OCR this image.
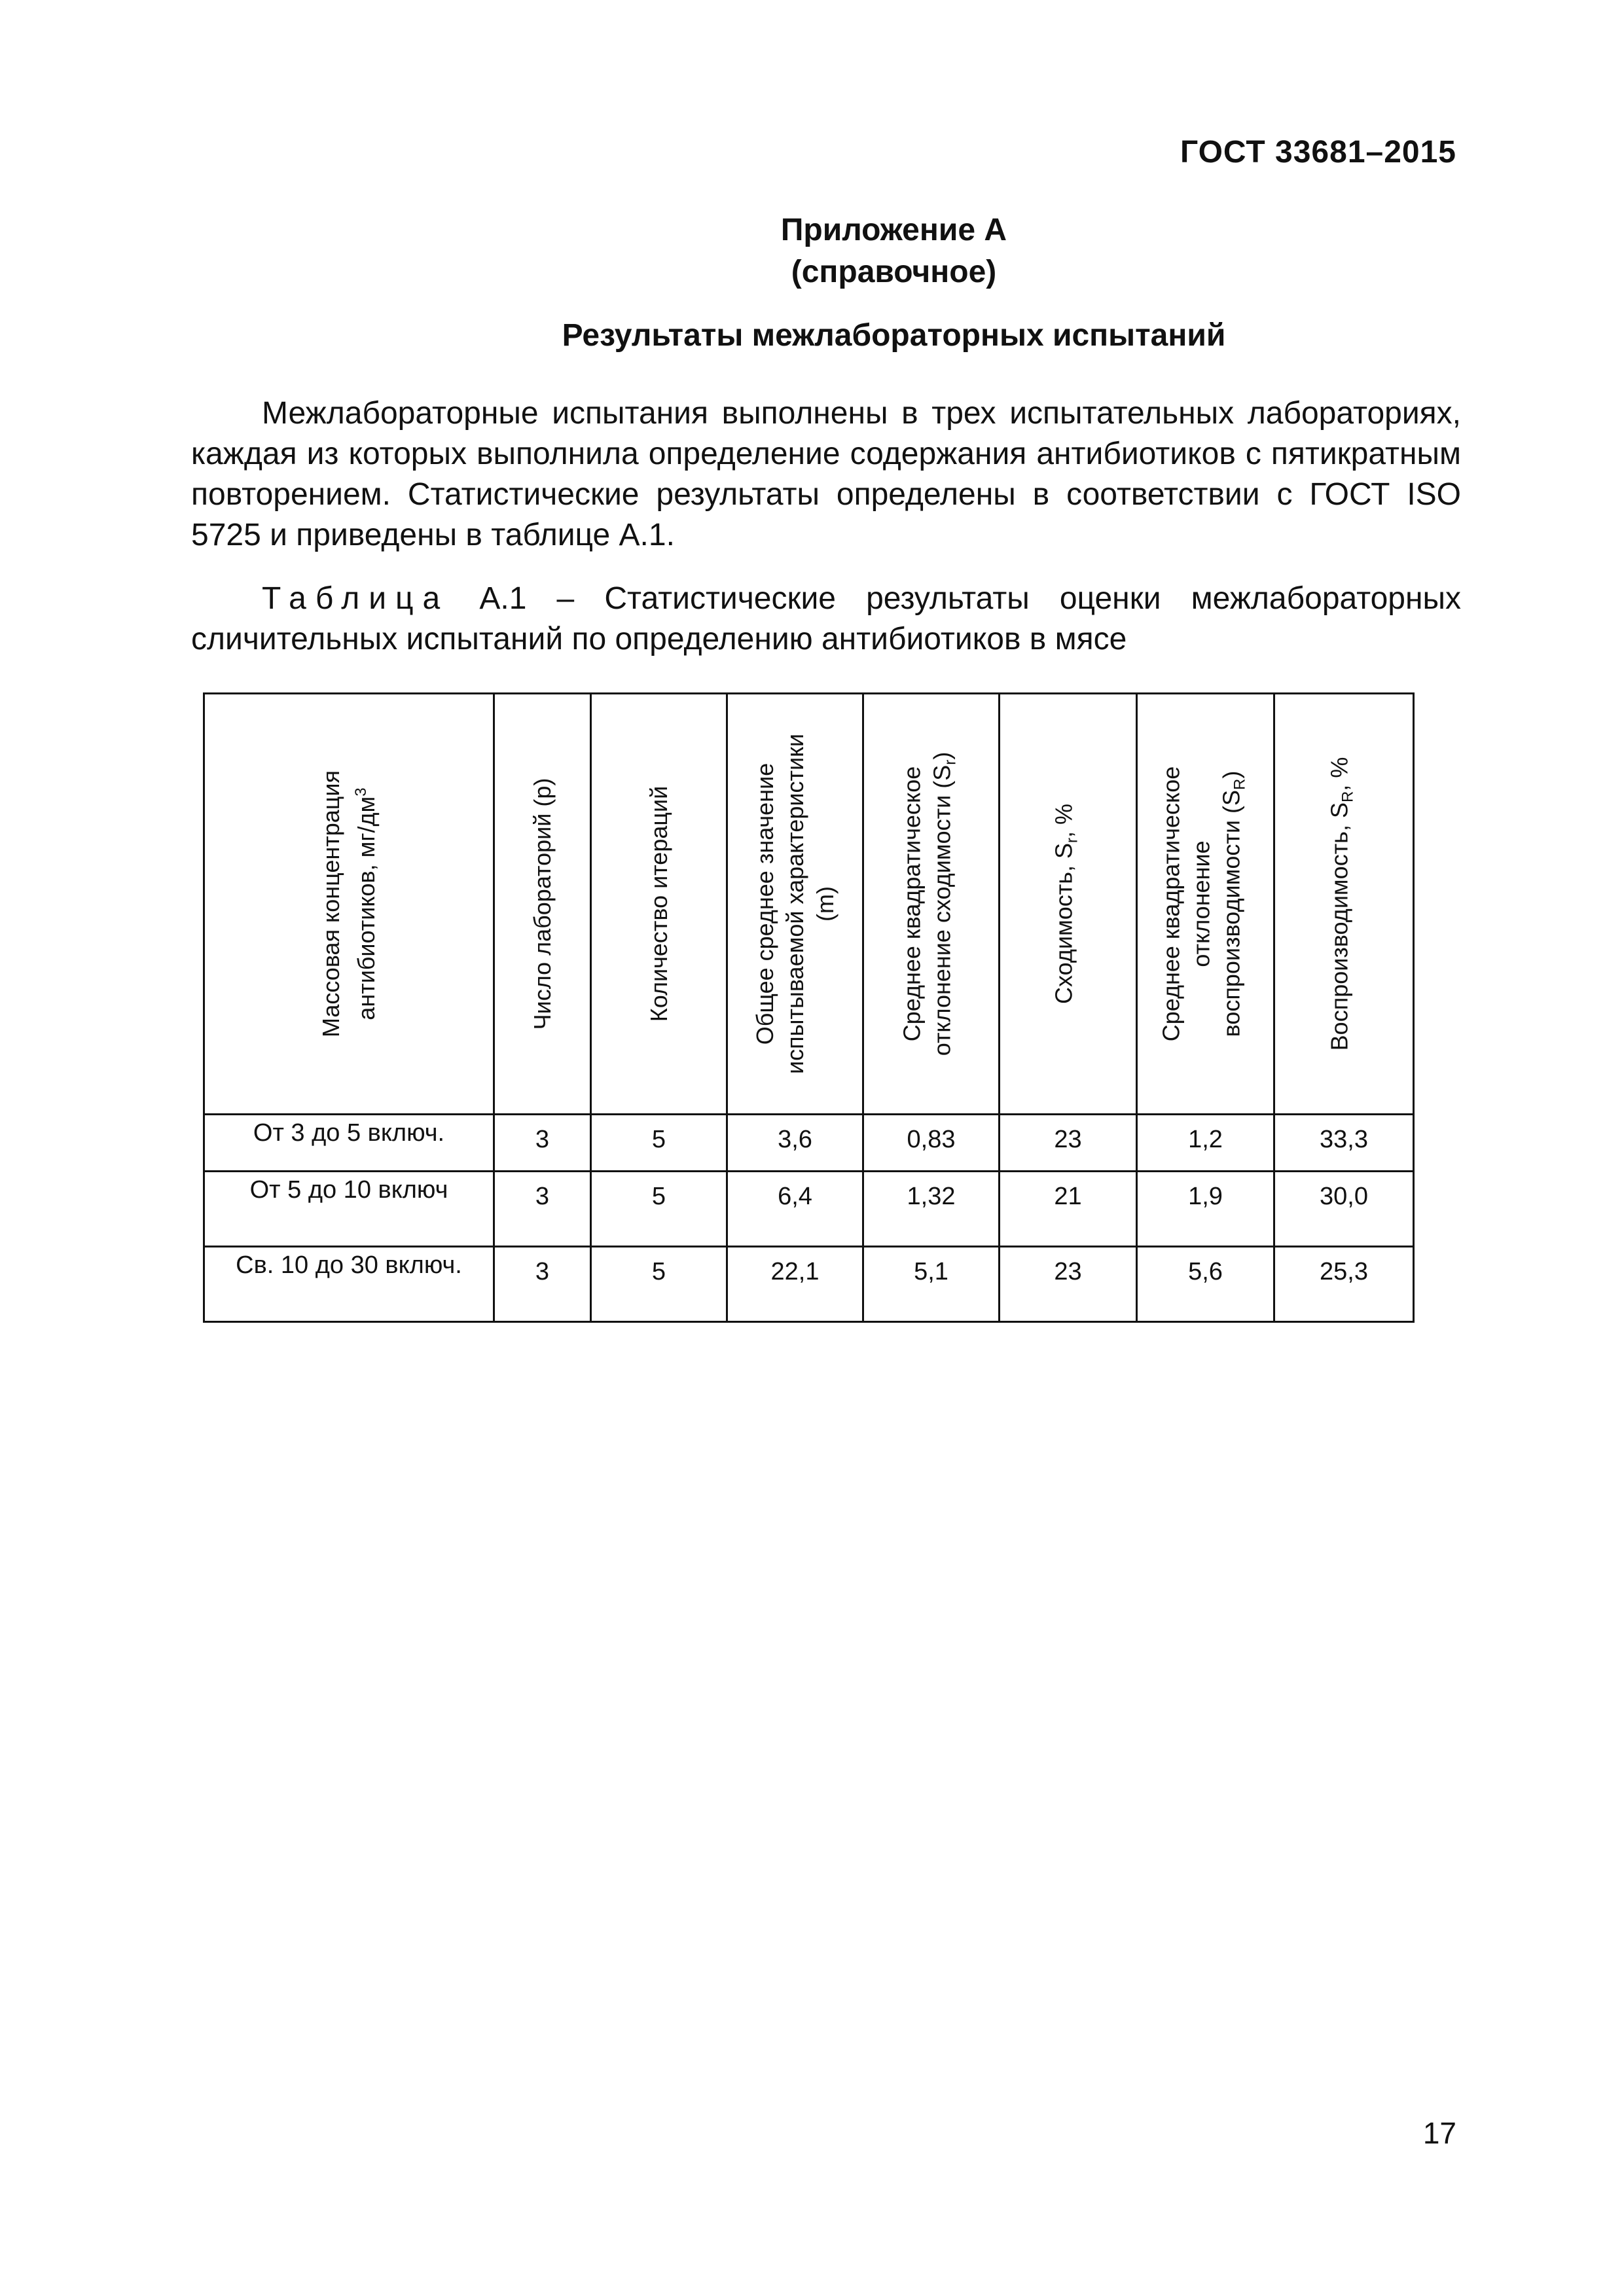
ГОСТ 33681–2015
Приложение А
(справочное)
Результаты межлабораторных испытаний
Межлабораторные испытания выполнены в трех испытательных лабораториях, каждая из которых выполнила определение содержания антибиотиков с пятикратным повторением. Статистические результаты определены в соответствии с ГОСТ ISO 5725 и приведены в таблице А.1.
Таблица А.1 – Статистические результаты оценки межлабораторных сличительных испытаний по определению антибиотиков в мясе
Массовая концентрация антибиотиков, $мг/дм^3$	Число лабораторий (p)	Количество итераций	Общее среднее значение испытываемой характеристики (m)	Среднее квадратическое отклонение сходимости $(S_r)$	Сходимость, $S_r$, %	Среднее квадратическое отклонение воспроизводимости $(S_R)$	Воспроизводимость, $S_R$, %

От 3 до 5 включ.	3	5	3,6	0,83	23	1,2	33,3
От 5 до 10 включ	3	5	6,4	1,32	21	1,9	30,0
Св. 10 до 30 включ.	3	5	22,1	5,1	23	5,6	25,3
17
